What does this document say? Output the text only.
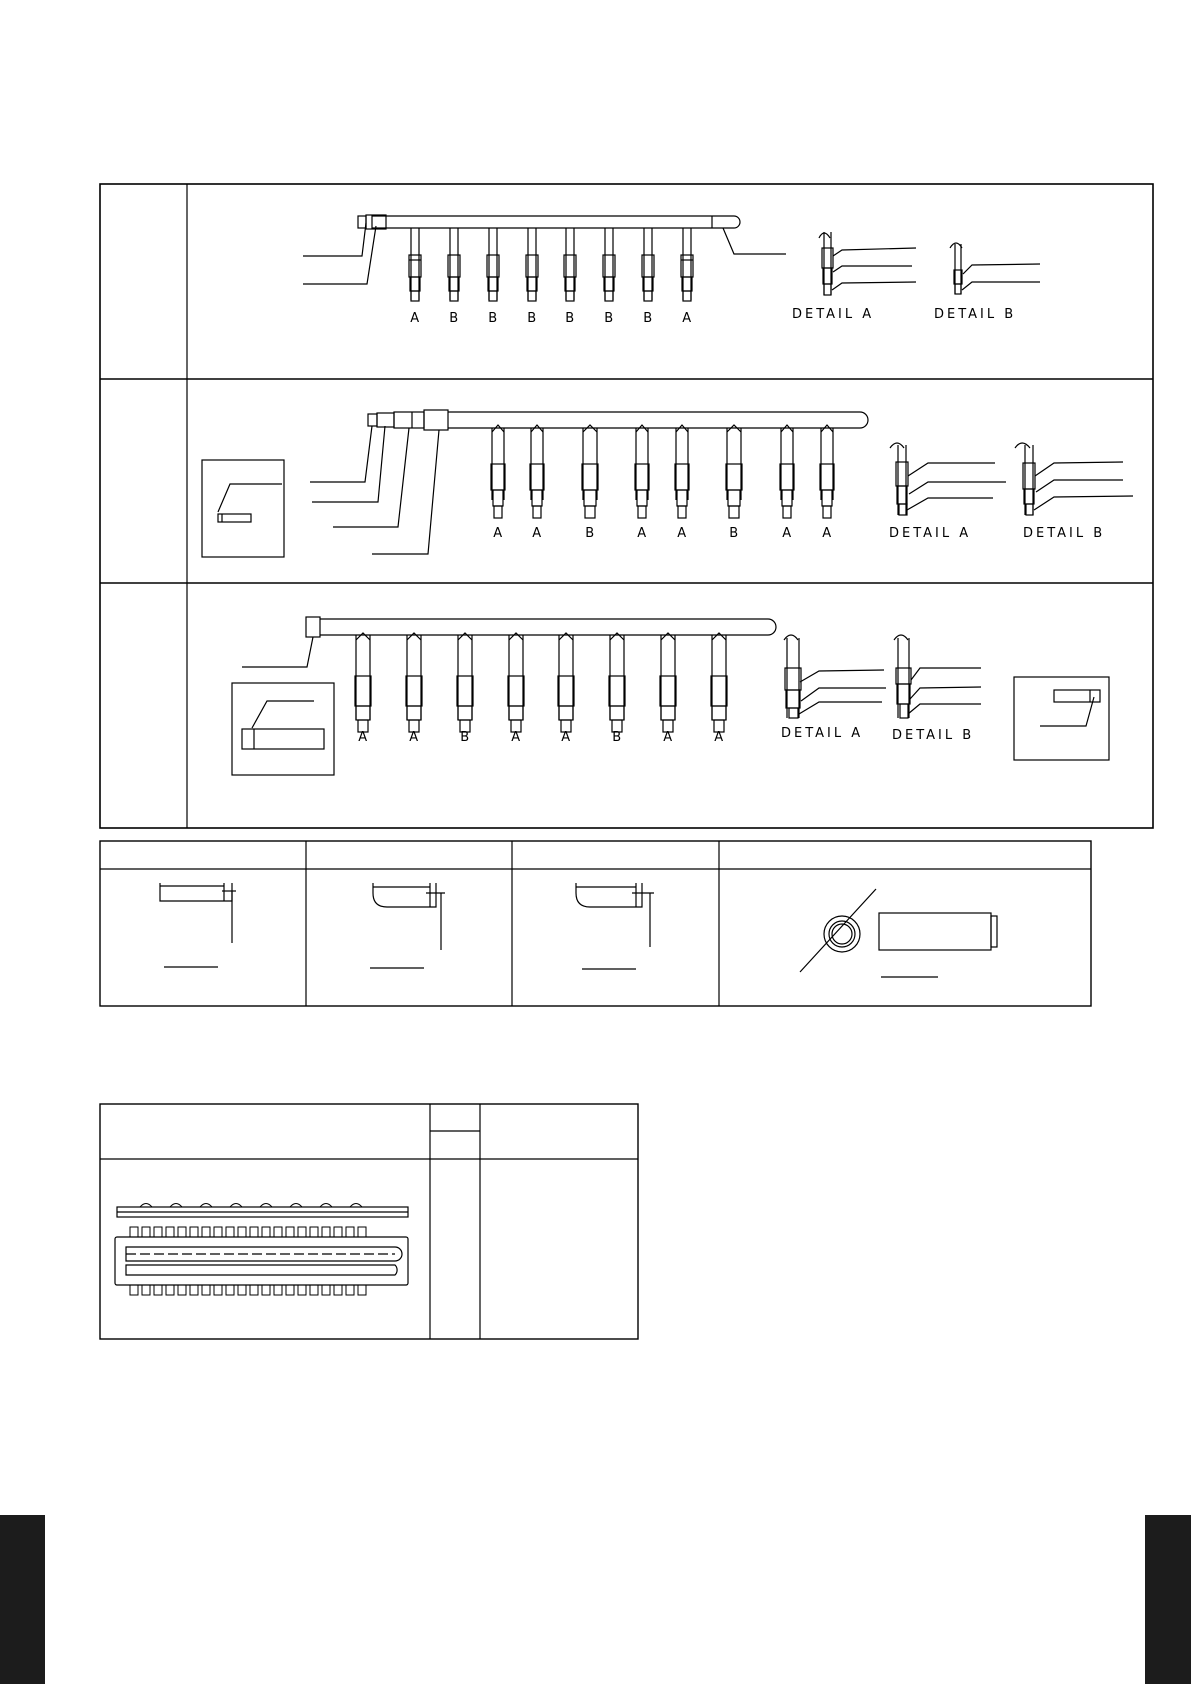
A B B B B B B A
A A	B	A A	B	A A
A	A	B	A	A	B	A	A
DETAIL A	DETAIL B
DETAIL A	DETAIL B
DETAIL A DETAIL B
